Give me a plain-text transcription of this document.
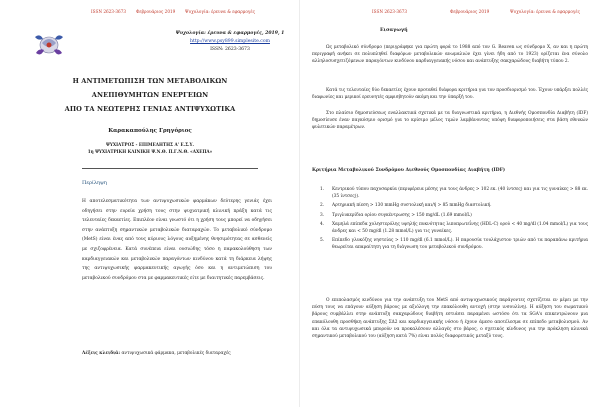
ISSN 2623-3673 Φεβρουάριος 2019 Ψυχολογία: έρευνα & εφαρμογές
Ψυχολογία: έρευνα & εφαρμογές, 2019, 1
http://www.psy899.simplesite.com
ISSN: 2623-3673
Η ΑΝΤΙΜΕΤΩΠΙΣΗ ΤΩΝ ΜΕΤΑΒΟΛΙΚΩΝ
ΑΝΕΠΙΘΥΜΗΤΩΝ ΕΝΕΡΓΕΙΩΝ
ΑΠΟ ΤΑ ΝΕΩΤΕΡΗΣ ΓΕΝΙΑΣ ΑΝΤΙΨΥΧΩΤΙΚΑ
Καρακαπούλης Γρηγόριος
ΨΥΧΙΑΤΡΟΣ - ΕΠΙΜΕΛΗΤΗΣ Α' Ε.Σ.Υ.
1η ΨΥΧΙΑΤΡΙΚΗ ΚΛΙΝΙΚΗ Ψ.Ν.Θ. Π.Γ.Ν.Θ. «ΑΧΕΠΑ»
Περίληψη

Η αποτελεσματικότητα των αντιψυχωσικών φαρμάκων δεύτερης γενιάς έχει οδηγήσει στην ευρεία χρήση τους στην ψυχιατρική κλινική πράξη κατά τις τελευταίες δεκαετίες. Επιπλέον είναι γνωστό ότι η χρήση τους μπορεί να οδηγήσει στην ανάπτυξη σημαντικών μεταβολικών διαταραχών. Το μεταβολικό σύνδρομο (ΜetS) είναι ένας από τους κύριους λόγους αυξημένης θνησιμότητας σε ασθενείς με σχιζοφρένεια. Κατά συνέπεια είναι ουσιώδης τόσο η παρακολούθηση των καρδιαγγειακών και μεταβολικών παραγόντων κινδύνου κατά τη διάρκεια λήψης της αντιψυχωσικής φαρμακευτικής αγωγής όσο και η αντιμετώπιση του μεταβολικού συνδρόμου στα με φαρμακευτικές είτε με διαιτητικές παρεμβάσεις.

Λέξεις κλειδιά: αντιψυχωσικά φάρμακα, μεταβολικές διαταραχές
ISSN 2623-3673	Φεβρουάριος 2019	Ψυχολογία: έρευνα & εφαρμογές
Εισαγωγή

Ως μεταβολικό σύνδρομο (περιγράφηκε για πρώτη φορά το 1988 από τον G. Reaven ως σύνδρομο Χ, αν και η πρώτη περιγραφή ανήκει σε πολυπληθεί διαφόρων μεταβολικών ανωμαλιών έχει γίνει ήδη από το 1923) ορίζεται ένα σύνολο αλληλοσυσχετιζόμενων παραγόντων κινδύνου καρδιαγγειακής νόσου και ανάπτυξης σακχαρώδους διαβήτη τύπου 2.

Κατά τις τελευταίες δύο δεκαετίες έχουν προταθεί διάφορα κριτήρια για τον προσδιορισμό του. Έχουν υπάρξει πολλές διαφωνίες και μερικοί ερευνητές αμφισβητούν ακόμη και την ύπαρξή του.

Στο πλαίσιο δημοσιεύσεως εναλλακτικά σχετικά με τα διαγνωστικά κριτήρια, η Διεθνής Ομοσπονδία Διαβήτη (IDF) δημοσίευσε έναν παγκόσμιο ορισμό για το κρίσιμο μέλος τιμών λαμβάνοντας υπόψη διαφοροποιήσεις στα βάση εθνικών φυλετικών παραμέτρων.

Κριτήρια Μεταβολικού Συνδρόμου Διεθνούς Ομοσπονδίας Διαβήτη (IDF)
1. Κεντρικού τύπου παχυσαρκία (περιφέρεια μέσης για τους άνδρες > 102 εκ. (40 ίντσες) και για τις γυναίκες > 88 εκ. (35 ίντσες)).
2. Αρτηριακή πίεση > 130 mmHg συστολική και/ή > 85 mmHg διαστολική.
3. Τριγλυκερίδια ορίου συγκέντρωσης > 150 mg/dL (1.69 mmol/L)
4. Χαμηλά επίπεδα χοληστερόλης υψηλής πυκνότητας λιποπρωτεΐνης (HDL-C) ορού < 40 mg/dl (1.04 mmol/L) για τους άνδρες και < 50 mg/dl (1.28 mmol/L) για τις γυναίκες.
5. Επίπεδο γλυκόζης νηστείας > 110 mg/dl (6.1 mmol/L). Η παρουσία τουλάχιστον τριών από τα παραπάνω κριτήρια θεωρείται απαραίτητη για τη διάγνωση του μεταβολικού συνδρόμου.

Ο επιπολασμός κινδύνου για την ανάπτυξη του MetS από αντιψυχωσικούς παράγοντες σχετίζεται εν μέρει με την πύση τους να επάγουν αύξηση βάρους με αξιόλογη την επακόλουθη αντοχή (στην ινσουλίνη). Η αύξηση του σωματικού βάρους συμβάλλει στην ανάπτυξη σακχαρώδους διαβήτη εστιάσει παραμένει ωστόσο ότι τα SGA's επικεντρώνουν μια επακόλουθη προσθήκη ανάπτυξης ΣΔ2 και καρδιαγγειακής νόσου ή έχουν άμεσο αποτέλεσμα σε επίπεδο μεταβολισμού. Αν και όλα τα αντιψυχωσικά μπορούν να προκαλέσουν αλλαγές στο βάρος, ο σχετικός κίνδυνος για την πρόκληση κλινικά σημαντικού μεταβολικού του (αύξηση κατά 7%) είναι πολύς διαφορετικός μεταξύ τους.
